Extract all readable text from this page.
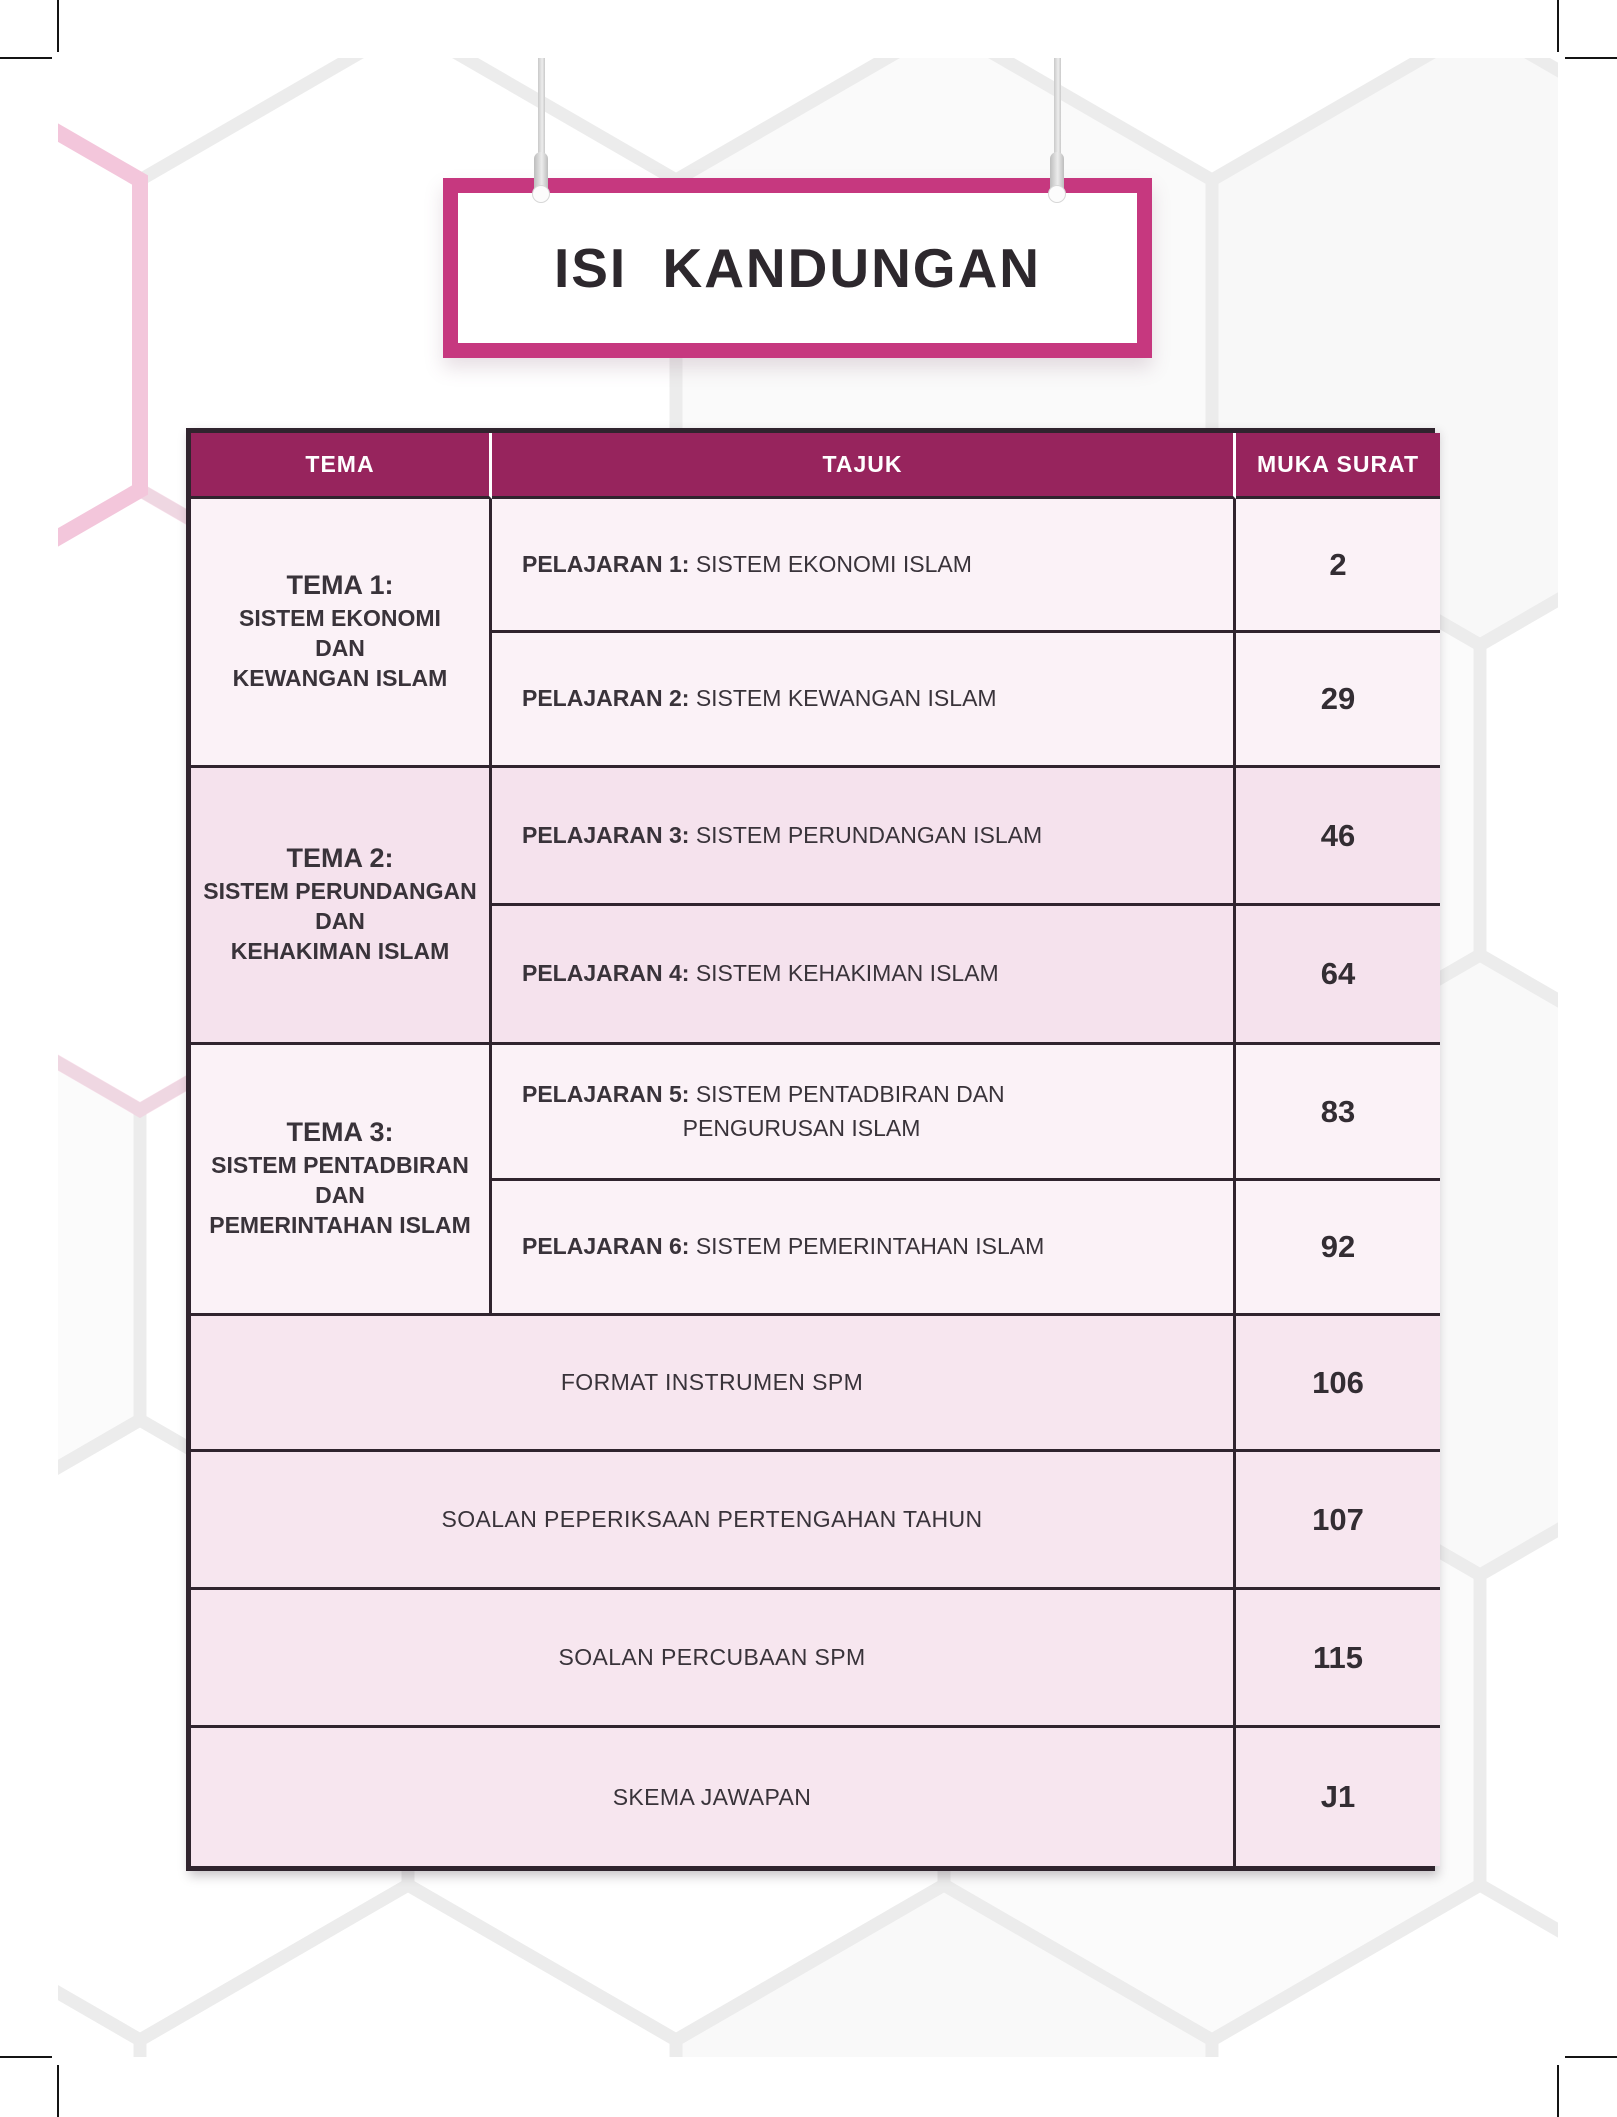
ISI KANDUNGAN
TEMA	TAJUK	MUKA SURAT
TEMA 1:
SISTEM EKONOMI
DAN
KEWANGAN ISLAM
PELAJARAN 1: SISTEM EKONOMI ISLAM	2
PELAJARAN 2: SISTEM KEWANGAN ISLAM	29
TEMA 2:
SISTEM PERUNDANGAN
DAN
KEHAKIMAN ISLAM
PELAJARAN 3: SISTEM PERUNDANGAN ISLAM	46
PELAJARAN 4: SISTEM KEHAKIMAN ISLAM	64
TEMA 3:
SISTEM PENTADBIRAN
DAN
PEMERINTAHAN ISLAM
PELAJARAN 5: SISTEM PENTADBIRAN DAN
PENGURUSAN ISLAM	83
PELAJARAN 6: SISTEM PEMERINTAHAN ISLAM	92
FORMAT INSTRUMEN SPM	106
SOALAN PEPERIKSAAN PERTENGAHAN TAHUN	107
SOALAN PERCUBAAN SPM	115
SKEMA JAWAPAN	J1
